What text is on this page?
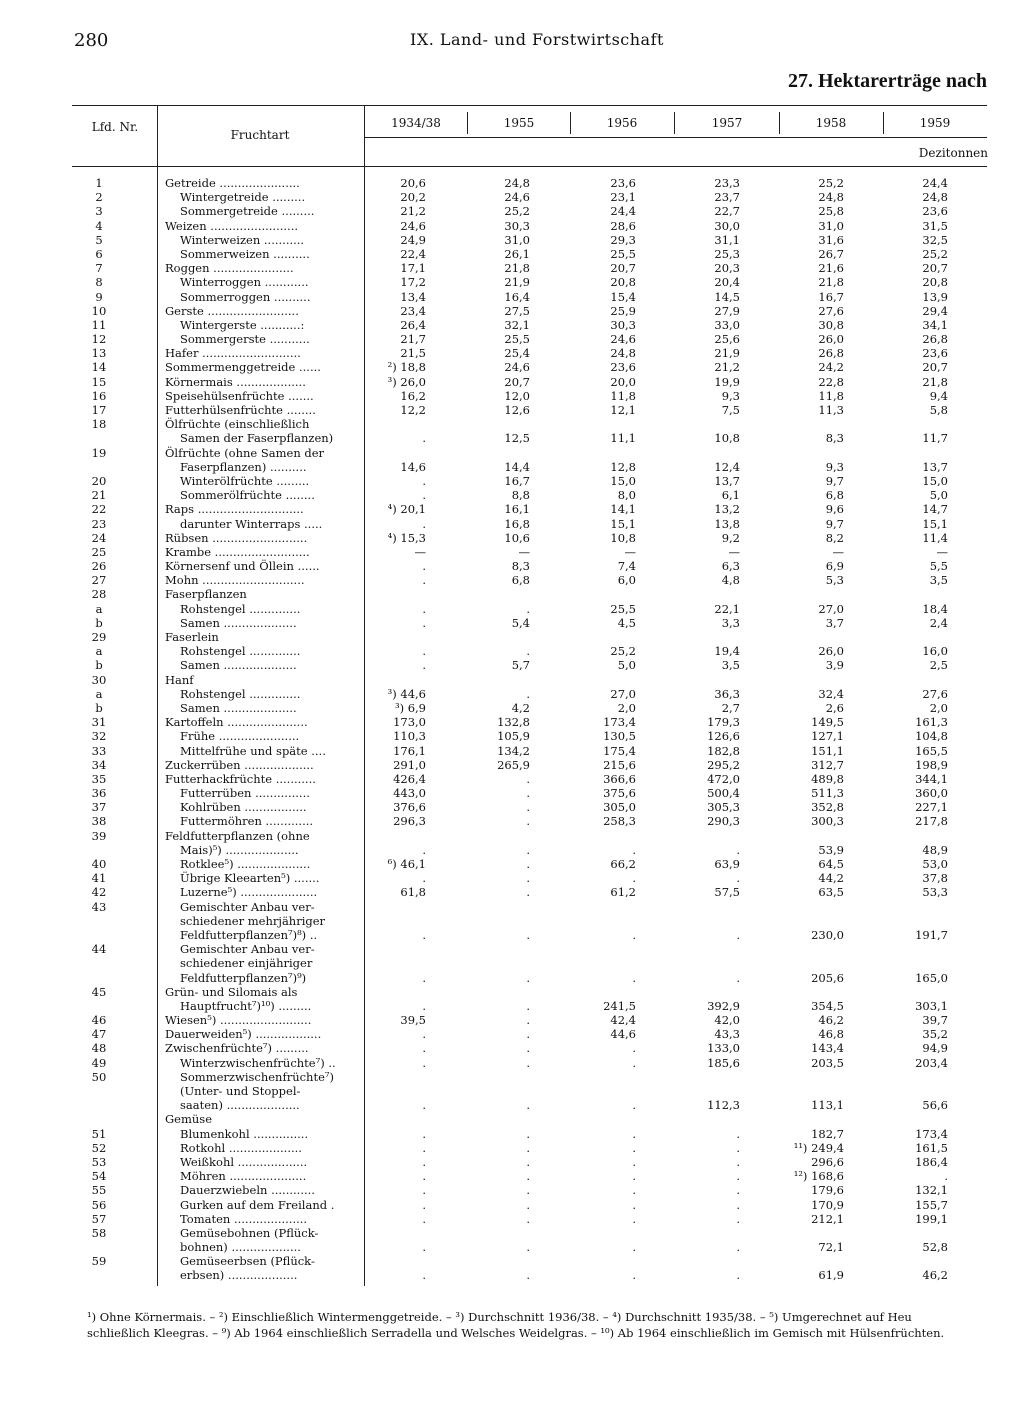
280	IX. Land- und Forstwirtschaft
27. Hektarerträge nach
Lfd. Nr.
Fruchtart
1934/38	1955	1956	1957	1958	1959
Dezitonnen
1	Getreide ......................	20,6	24,8	23,6	23,3	25,2	24,4
2	Wintergetreide .........	20,2	24,6	23,1	23,7	24,8	24,8
3	Sommergetreide .........	21,2	25,2	24,4	22,7	25,8	23,6
4	Weizen ........................	24,6	30,3	28,6	30,0	31,0	31,5
5	Winterweizen ...........	24,9	31,0	29,3	31,1	31,6	32,5
6	Sommerweizen ..........	22,4	26,1	25,5	25,3	26,7	25,2
7	Roggen ......................	17,1	21,8	20,7	20,3	21,6	20,7
8	Winterroggen ............	17,2	21,9	20,8	20,4	21,8	20,8
9	Sommerroggen ..........	13,4	16,4	15,4	14,5	16,7	13,9
10	Gerste .........................	23,4	27,5	25,9	27,9	27,6	29,4
11	Wintergerste ...........:	26,4	32,1	30,3	33,0	30,8	34,1
12	Sommergerste ...........	21,7	25,5	24,6	25,6	26,0	26,8
13	Hafer ...........................	21,5	25,4	24,8	21,9	26,8	23,6
14	Sommermenggetreide ......	²) 18,8	24,6	23,6	21,2	24,2	20,7
15	Körnermais ...................	³) 26,0	20,7	20,0	19,9	22,8	21,8
16	Speisehülsenfrüchte .......	16,2	12,0	11,8	9,3	11,8	9,4
17	Futterhülsenfrüchte ........	12,2	12,6	12,1	7,5	11,3	5,8
18	Ölfrüchte (einschließlich
Samen der Faserpflanzen)	.	12,5	11,1	10,8	8,3	11,7
19	Ölfrüchte (ohne Samen der
Faserpflanzen) ..........	14,6	14,4	12,8	12,4	9,3	13,7
20	Winterölfrüchte .........	.	16,7	15,0	13,7	9,7	15,0
21	Sommerölfrüchte ........	.	8,8	8,0	6,1	6,8	5,0
22	Raps .............................	⁴) 20,1	16,1	14,1	13,2	9,6	14,7
23	darunter Winterraps .....	.	16,8	15,1	13,8	9,7	15,1
24	Rübsen ..........................	⁴) 15,3	10,6	10,8	9,2	8,2	11,4
25	Krambe ..........................	—	—	—	—	—	—
26	Körnersenf und Öllein ......	.	8,3	7,4	6,3	6,9	5,5
27	Mohn ............................	.	6,8	6,0	4,8	5,3	3,5
28	Faserpflanzen
a	Rohstengel ..............	.	.	25,5	22,1	27,0	18,4
b	Samen ....................	.	5,4	4,5	3,3	3,7	2,4
29	Faserlein
a	Rohstengel ..............	.	.	25,2	19,4	26,0	16,0
b	Samen ....................	.	5,7	5,0	3,5	3,9	2,5
30	Hanf
a	Rohstengel ..............	³) 44,6	.	27,0	36,3	32,4	27,6
b	Samen ....................	³) 6,9	4,2	2,0	2,7	2,6	2,0
31	Kartoffeln ......................	173,0	132,8	173,4	179,3	149,5	161,3
32	Frühe ......................	110,3	105,9	130,5	126,6	127,1	104,8
33	Mittelfrühe und späte ....	176,1	134,2	175,4	182,8	151,1	165,5
34	Zuckerrüben ...................	291,0	265,9	215,6	295,2	312,7	198,9
35	Futterhackfrüchte ...........	426,4	.	366,6	472,0	489,8	344,1
36	Futterrüben ...............	443,0	.	375,6	500,4	511,3	360,0
37	Kohlrüben .................	376,6	.	305,0	305,3	352,8	227,1
38	Futtermöhren .............	296,3	.	258,3	290,3	300,3	217,8
39	Feldfutterpflanzen (ohne
Mais)⁵) ....................	.	.	.	.	53,9	48,9
40	Rotklee⁵) ....................	⁶) 46,1	.	66,2	63,9	64,5	53,0
41	Übrige Kleearten⁵) .......	.	.	.	.	44,2	37,8
42	Luzerne⁵) .....................	61,8	.	61,2	57,5	63,5	53,3
43	Gemischter Anbau ver-
schiedener mehrjähriger
Feldfutterpflanzen⁷)⁸) ..	.	.	.	.	230,0	191,7
44	Gemischter Anbau ver-
schiedener einjähriger
Feldfutterpflanzen⁷)⁹)	.	.	.	.	205,6	165,0
45	Grün- und Silomais als
Hauptfrucht⁷)¹⁰) .........	.	.	241,5	392,9	354,5	303,1
46	Wiesen⁵) .........................	39,5	.	42,4	42,0	46,2	39,7
47	Dauerweiden⁵) ..................	.	.	44,6	43,3	46,8	35,2
48	Zwischenfrüchte⁷) .........	.	.	.	133,0	143,4	94,9
49	Winterzwischenfrüchte⁷) ..	.	.	.	185,6	203,5	203,4
50	Sommerzwischenfrüchte⁷)
(Unter- und Stoppel-
saaten) ....................	.	.	.	112,3	113,1	56,6
Gemüse
51	Blumenkohl ...............	.	.	.	.	182,7	173,4
52	Rotkohl ....................	.	.	.	.	¹¹) 249,4	161,5
53	Weißkohl ...................	.	.	.	.	296,6	186,4
54	Möhren .....................	.	.	.	.	¹²) 168,6	.
55	Dauerzwiebeln ............	.	.	.	.	179,6	132,1
56	Gurken auf dem Freiland .	.	.	.	.	170,9	155,7
57	Tomaten ....................	.	.	.	.	212,1	199,1
58	Gemüsebohnen (Pflück-
bohnen) ...................	.	.	.	.	72,1	52,8
59	Gemüseerbsen (Pflück-
erbsen) ...................	.	.	.	.	61,9	46,2
¹) Ohne Körnermais. – ²) Einschließlich Wintermenggetreide. – ³) Durchschnitt 1936/38. – ⁴) Durchschnitt 1935/38. – ⁵) Umgerechnet auf Heu
schließlich Kleegras. – ⁹) Ab 1964 einschließlich Serradella und Welsches Weidelgras. – ¹⁰) Ab 1964 einschließlich im Gemisch mit Hülsenfrüchten.
